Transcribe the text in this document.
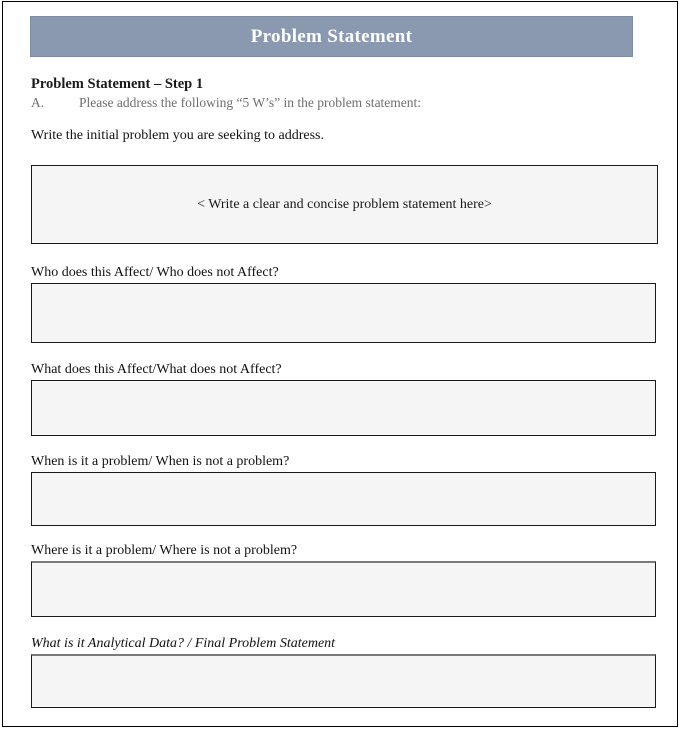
Problem Statement
Problem Statement – Step 1
A.	Please address the following “5 W’s” in the problem statement:
Write the initial problem you are seeking to address.
< Write a clear and concise problem statement here>
Who does this Affect/ Who does not Affect?
What does this Affect/What does not Affect?
When is it a problem/ When is not a problem?
Where is it a problem/ Where is not a problem?
What is it Analytical Data? / Final Problem Statement
